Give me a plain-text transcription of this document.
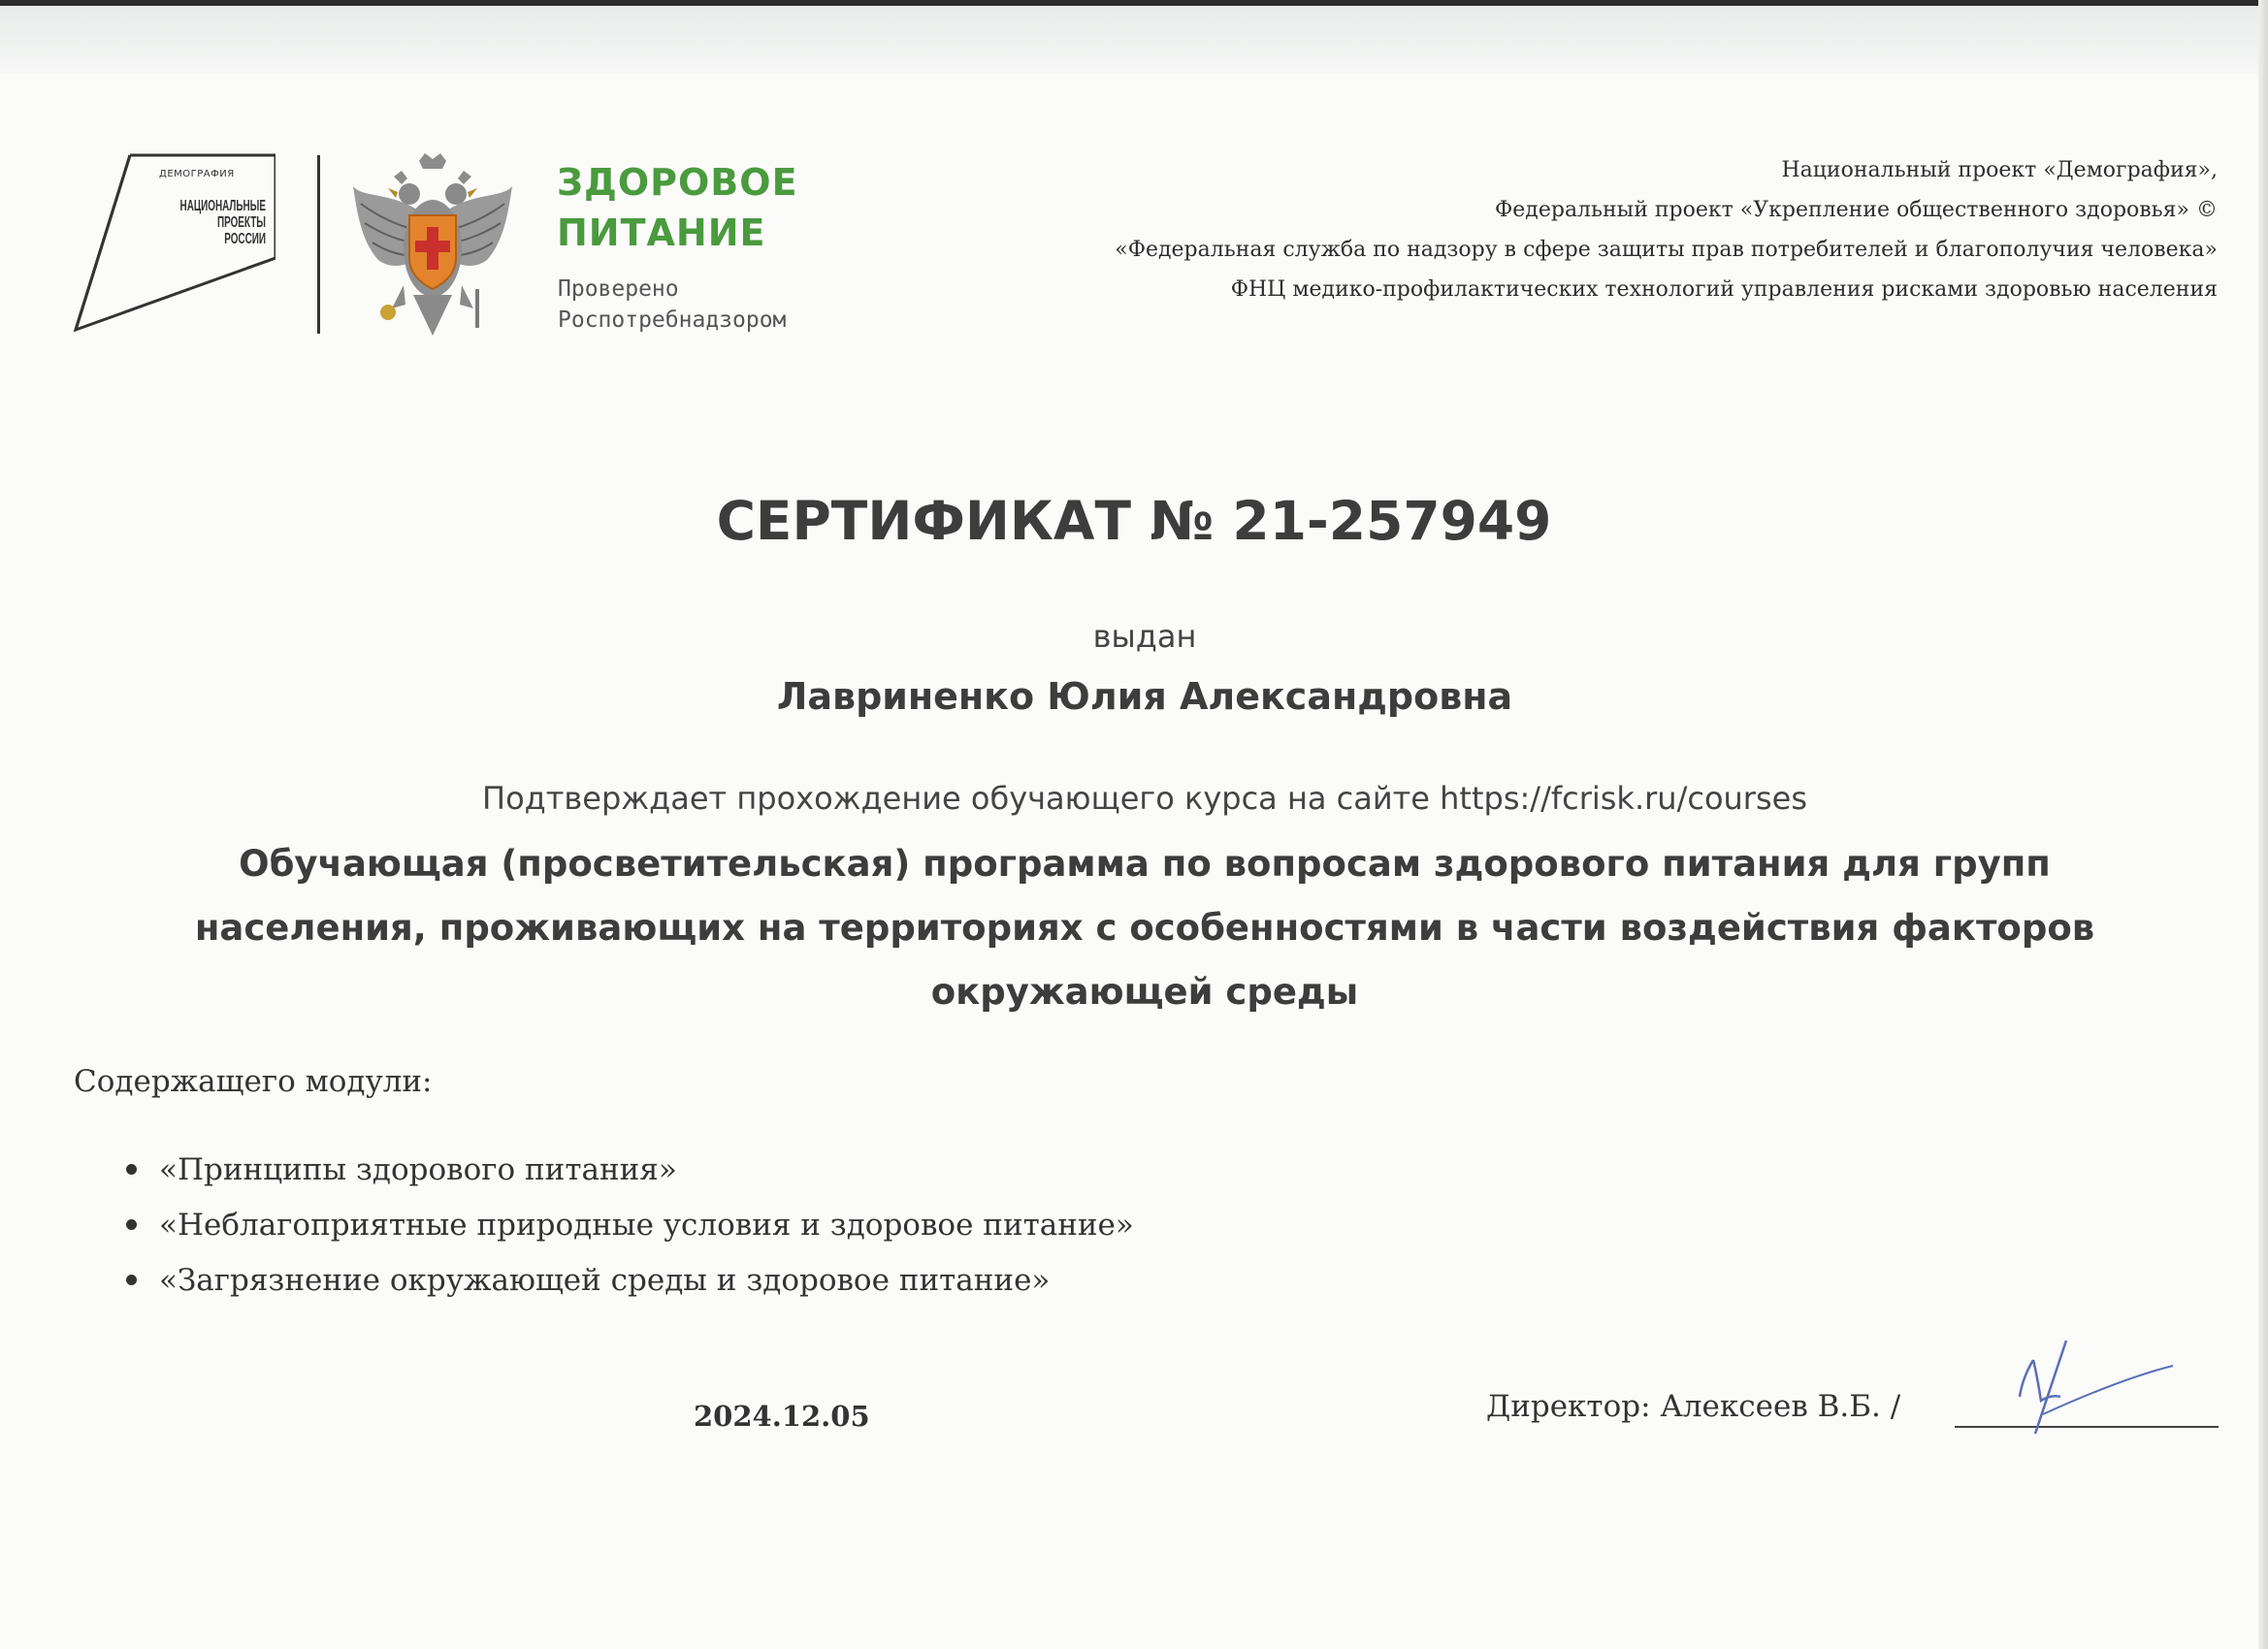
ДЕМОГРАФИЯ
НАЦИОНАЛЬНЫЕ
ПРОЕКТЫ
РОССИИ
ЗДОРОВОЕ
ПИТАНИЕ
Проверено
Роспотребнадзором
Национальный проект «Демография»,
Федеральный проект «Укрепление общественного здоровья» ©
«Федеральная служба по надзору в сфере защиты прав потребителей и благополучия человека»
ФНЦ медико-профилактических технологий управления рисками здоровью населения
СЕРТИФИКАТ № 21-257949
выдан
Лавриненко Юлия Александровна
Подтверждает прохождение обучающего курса на сайте https://fcrisk.ru/courses
Обучающая (просветительская) программа по вопросам здорового питания для групп
населения, проживающих на территориях с особенностями в части воздействия факторов
окружающей среды
Содержащего модули:
«Принципы здорового питания»
«Неблагоприятные природные условия и здоровое питание»
«Загрязнение окружающей среды и здоровое питание»
2024.12.05	Директор: Алексеев В.Б. /
